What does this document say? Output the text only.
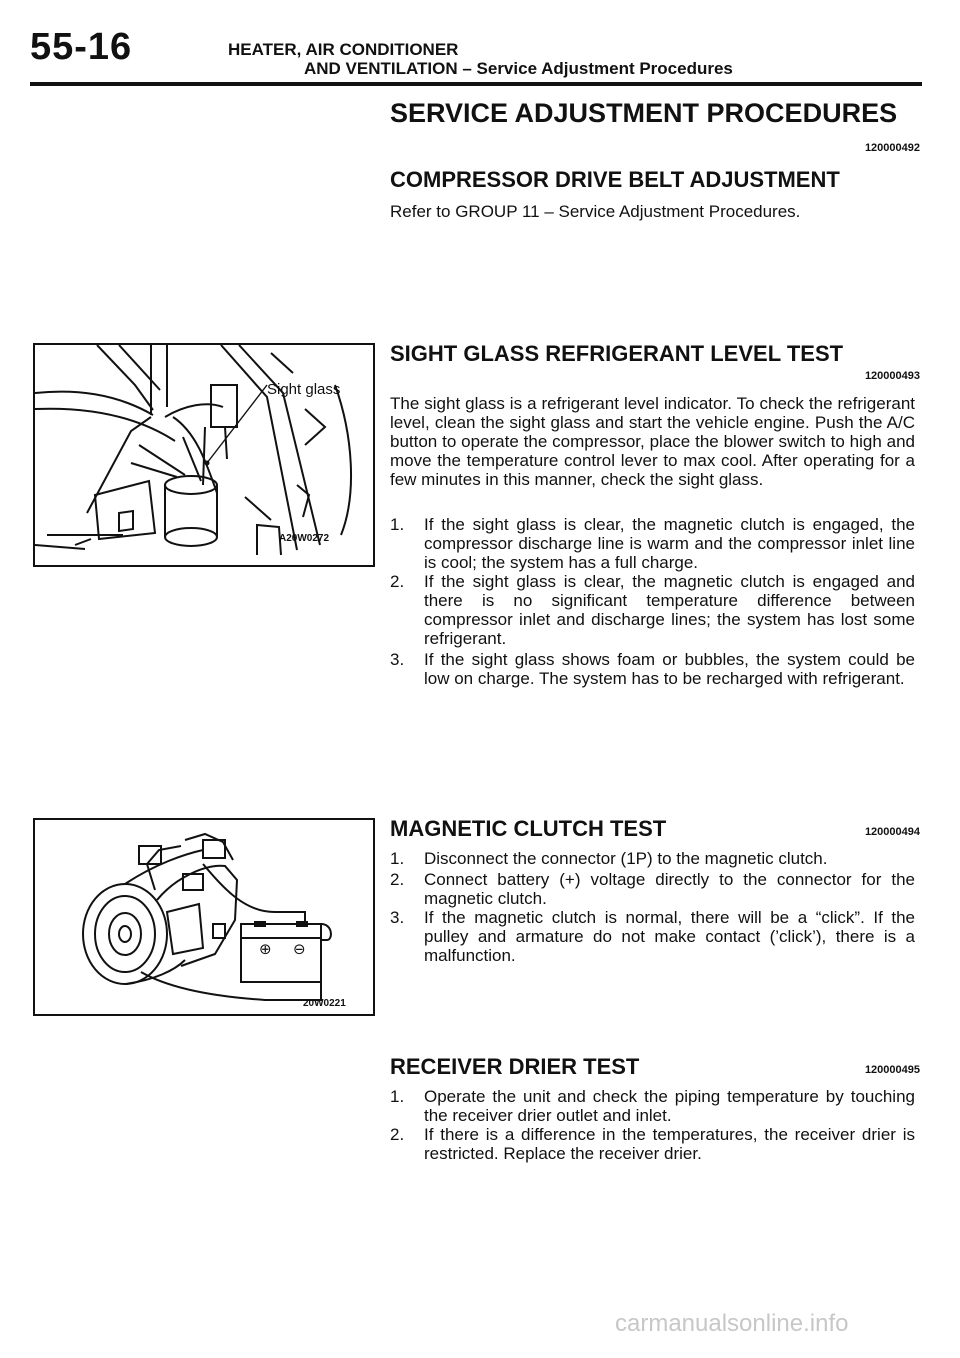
55-16	HEATER, AIR CONDITIONER
AND VENTILATION – Service Adjustment Procedures
SERVICE ADJUSTMENT PROCEDURES
120000492
COMPRESSOR DRIVE BELT ADJUSTMENT
Refer to GROUP 11 – Service Adjustment Procedures.
Sight glass
A20W0272
SIGHT GLASS REFRIGERANT LEVEL TEST
120000493
The sight glass is a refrigerant level indicator. To check the refrigerant level, clean the sight glass and start the vehicle engine. Push the A/C button to operate the compressor, place the blower switch to high and move the temperature control lever to max cool. After operating for a few minutes in this manner, check the sight glass.
1. If the sight glass is clear, the magnetic clutch is engaged, the compressor discharge line is warm and the compressor inlet line is cool; the system has a full charge.
2. If the sight glass is clear, the magnetic clutch is engaged and there is no significant temperature difference between compressor inlet and discharge lines; the system has lost some refrigerant.
3. If the sight glass shows foam or bubbles, the system could be low on charge. The system has to be recharged with refrigerant.
⊕ ⊖
20W0221
MAGNETIC CLUTCH TEST	120000494
1. Disconnect the connector (1P) to the magnetic clutch.
2. Connect battery (+) voltage directly to the connector for the magnetic clutch.
3. If the magnetic clutch is normal, there will be a “click”. If the pulley and armature do not make contact (’click’), there is a malfunction.
RECEIVER DRIER TEST	120000495
1. Operate the unit and check the piping temperature by touching the receiver drier outlet and inlet.
2. If there is a difference in the temperatures, the receiver drier is restricted. Replace the receiver drier.
carmanualsonline.info
